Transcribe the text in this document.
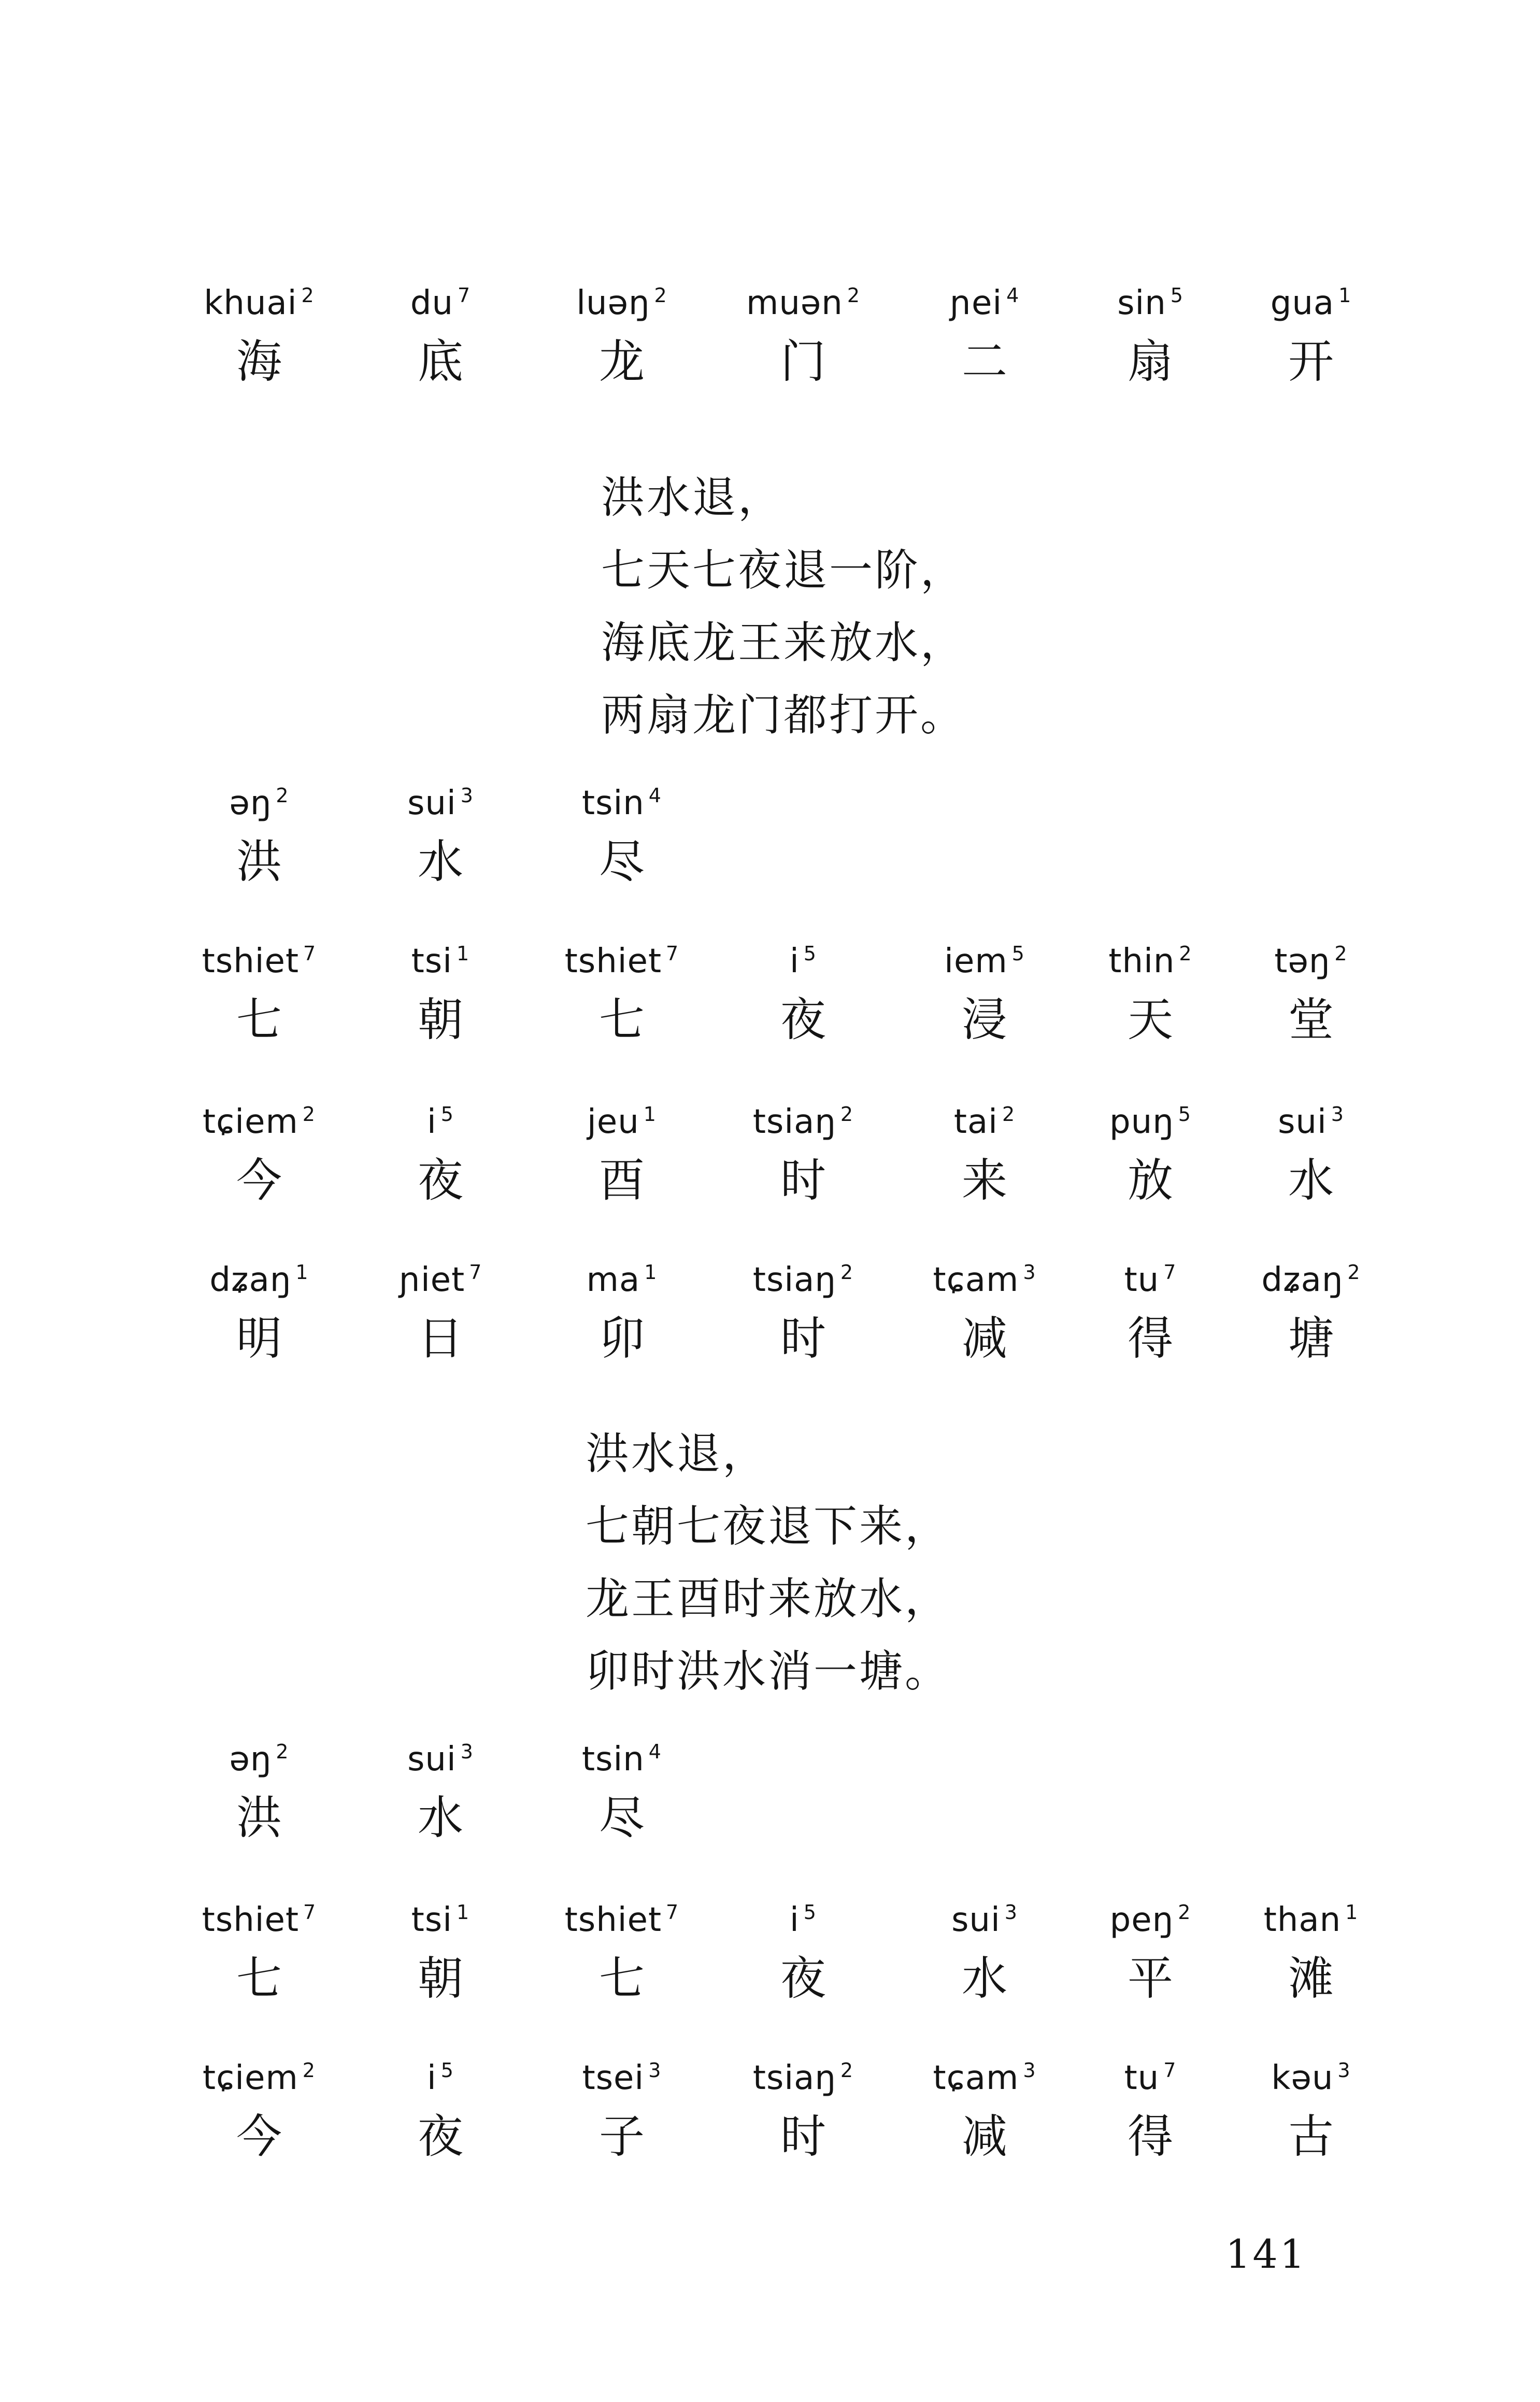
khuai 2
海
du 7
底
luəŋ 2
龙
muən 2
门
ɲei 4
二
sin 5
扇
gua 1
开
洪水退，
七天七夜退一阶，
海底龙王来放水，
两扇龙门都打开。
əŋ 2
洪
sui 3
水
tsin 4
尽
tshiet 7
七
tsi 1
朝
tshiet 7
七
i 5
夜
iem 5
浸
thin 2
天
təŋ 2
堂
tɕiem 2
今
i 5
夜
jeu 1
酉
tsiaŋ 2
时
tai 2
来
puŋ 5
放
sui 3
水
dʑaŋ 1
明
ɲiet 7
日
ma 1
卯
tsiaŋ 2
时
tɕam 3
减
tu 7
得
dʑaŋ 2
塘
洪水退，
七朝七夜退下来，
龙王酉时来放水，
卯时洪水消一塘。
əŋ 2
洪
sui 3
水
tsin 4
尽
tshiet 7
七
tsi 1
朝
tshiet 7
七
i 5
夜
sui 3
水
peŋ 2
平
than 1
滩
tɕiem 2
今
i 5
夜
tsei 3
子
tsiaŋ 2
时
tɕam 3
减
tu 7
得
kəu 3
古
141
